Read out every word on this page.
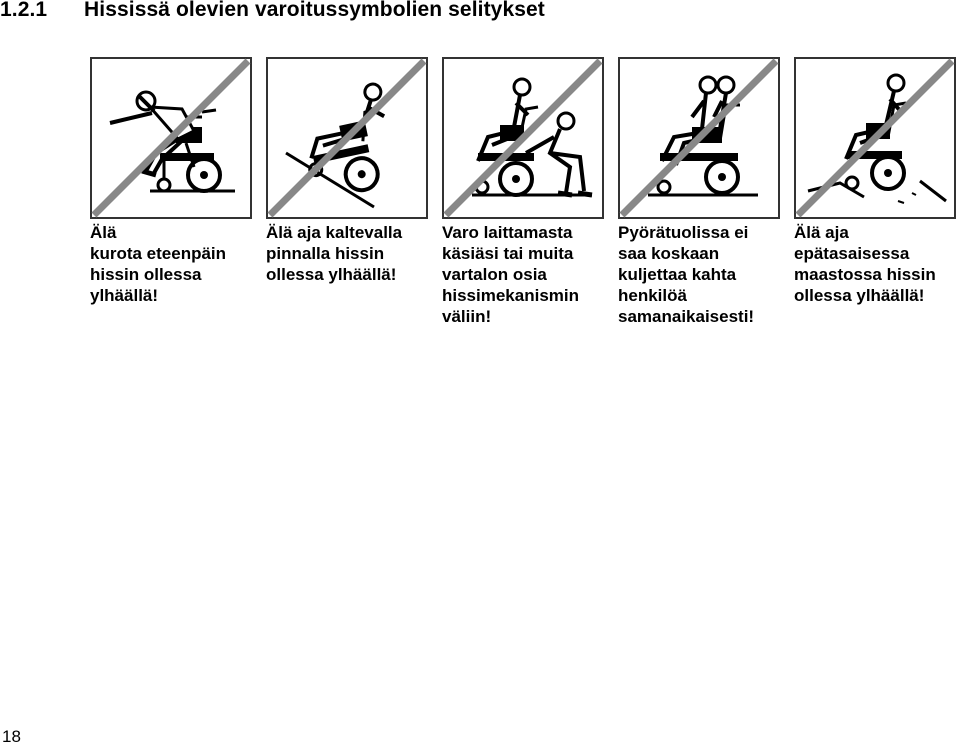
1.2.1 Hississä olevien varoitussymbolien selitykset
Älä
kurota eteenpäin
hissin ollessa
ylhäällä!
Älä aja kaltevalla
pinnalla hissin
ollessa ylhäällä!
Varo laittamasta
käsiäsi tai muita
vartalon osia
hissimekanismin
väliin!
Pyörätuolissa ei
saa koskaan
kuljettaa kahta
henkilöä
samanaikaisesti!
Älä aja
epätasaisessa
maastossa hissin
ollessa ylhäällä!
18
